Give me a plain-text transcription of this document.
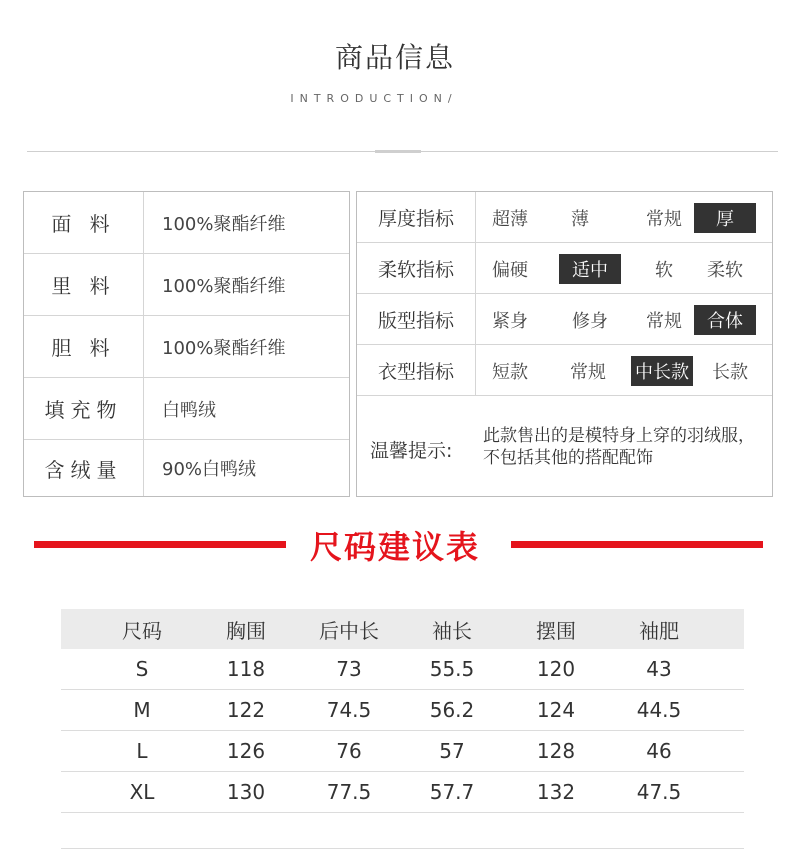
商品信息
INTRODUCTION/
面 料	100%聚酯纤维
里 料	100%聚酯纤维
胆 料	100%聚酯纤维
填充物	白鸭绒
含绒量	90%白鸭绒
厚度指标	超薄	薄	常规	厚
柔软指标	偏硬	适中	软	柔软
版型指标	紧身	修身	常规	合体
衣型指标	短款	常规	中长款	长款
温馨提示:
此款售出的是模特身上穿的羽绒服，不包括其他的搭配配饰
尺码建议表
尺码	胸围	后中长	袖长	摆围	袖肥
S	118	73	55.5	120	43
M	122	74.5	56.2	124	44.5
L	126	76	57	128	46
XL	130	77.5	57.7	132	47.5
